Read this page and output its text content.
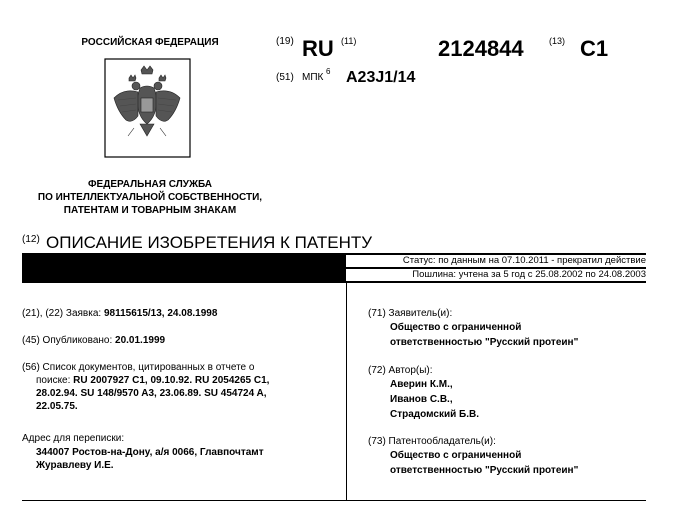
РОССИЙСКАЯ ФЕДЕРАЦИЯ
ФЕДЕРАЛЬНАЯ СЛУЖБА
ПО ИНТЕЛЛЕКТУАЛЬНОЙ СОБСТВЕННОСТИ,
ПАТЕНТАМ И ТОВАРНЫМ ЗНАКАМ
(19) RU (11)	2124844	(13) C1
(51) МПК
6 A23J1/14
(12) ОПИСАНИЕ ИЗОБРЕТЕНИЯ К ПАТЕНТУ
Статус: по данным на 07.10.2011 - прекратил действие
Пошлина: учтена за 5 год с 25.08.2002 по 24.08.2003
(21), (22) Заявка: 98115615/13, 24.08.1998
(45) Опубликовано: 20.01.1999
(56) Список документов, цитированных в отчете о
поиске: RU 2007927 C1, 09.10.92. RU 2054265 C1,
28.02.94. SU 148/9570 A3, 23.06.89. SU 454724 A,
22.05.75.
Адрес для переписки:
344007 Ростов-на-Дону, а/я 0066, Главпочтамт
Журавлеву И.Е.
(71) Заявитель(и):
Общество с ограниченной
ответственностью "Русский протеин"
(72) Автор(ы):
Аверин К.М.,
Иванов С.В.,
Страдомский Б.В.
(73) Патентообладатель(и):
Общество с ограниченной
ответственностью "Русский протеин"
